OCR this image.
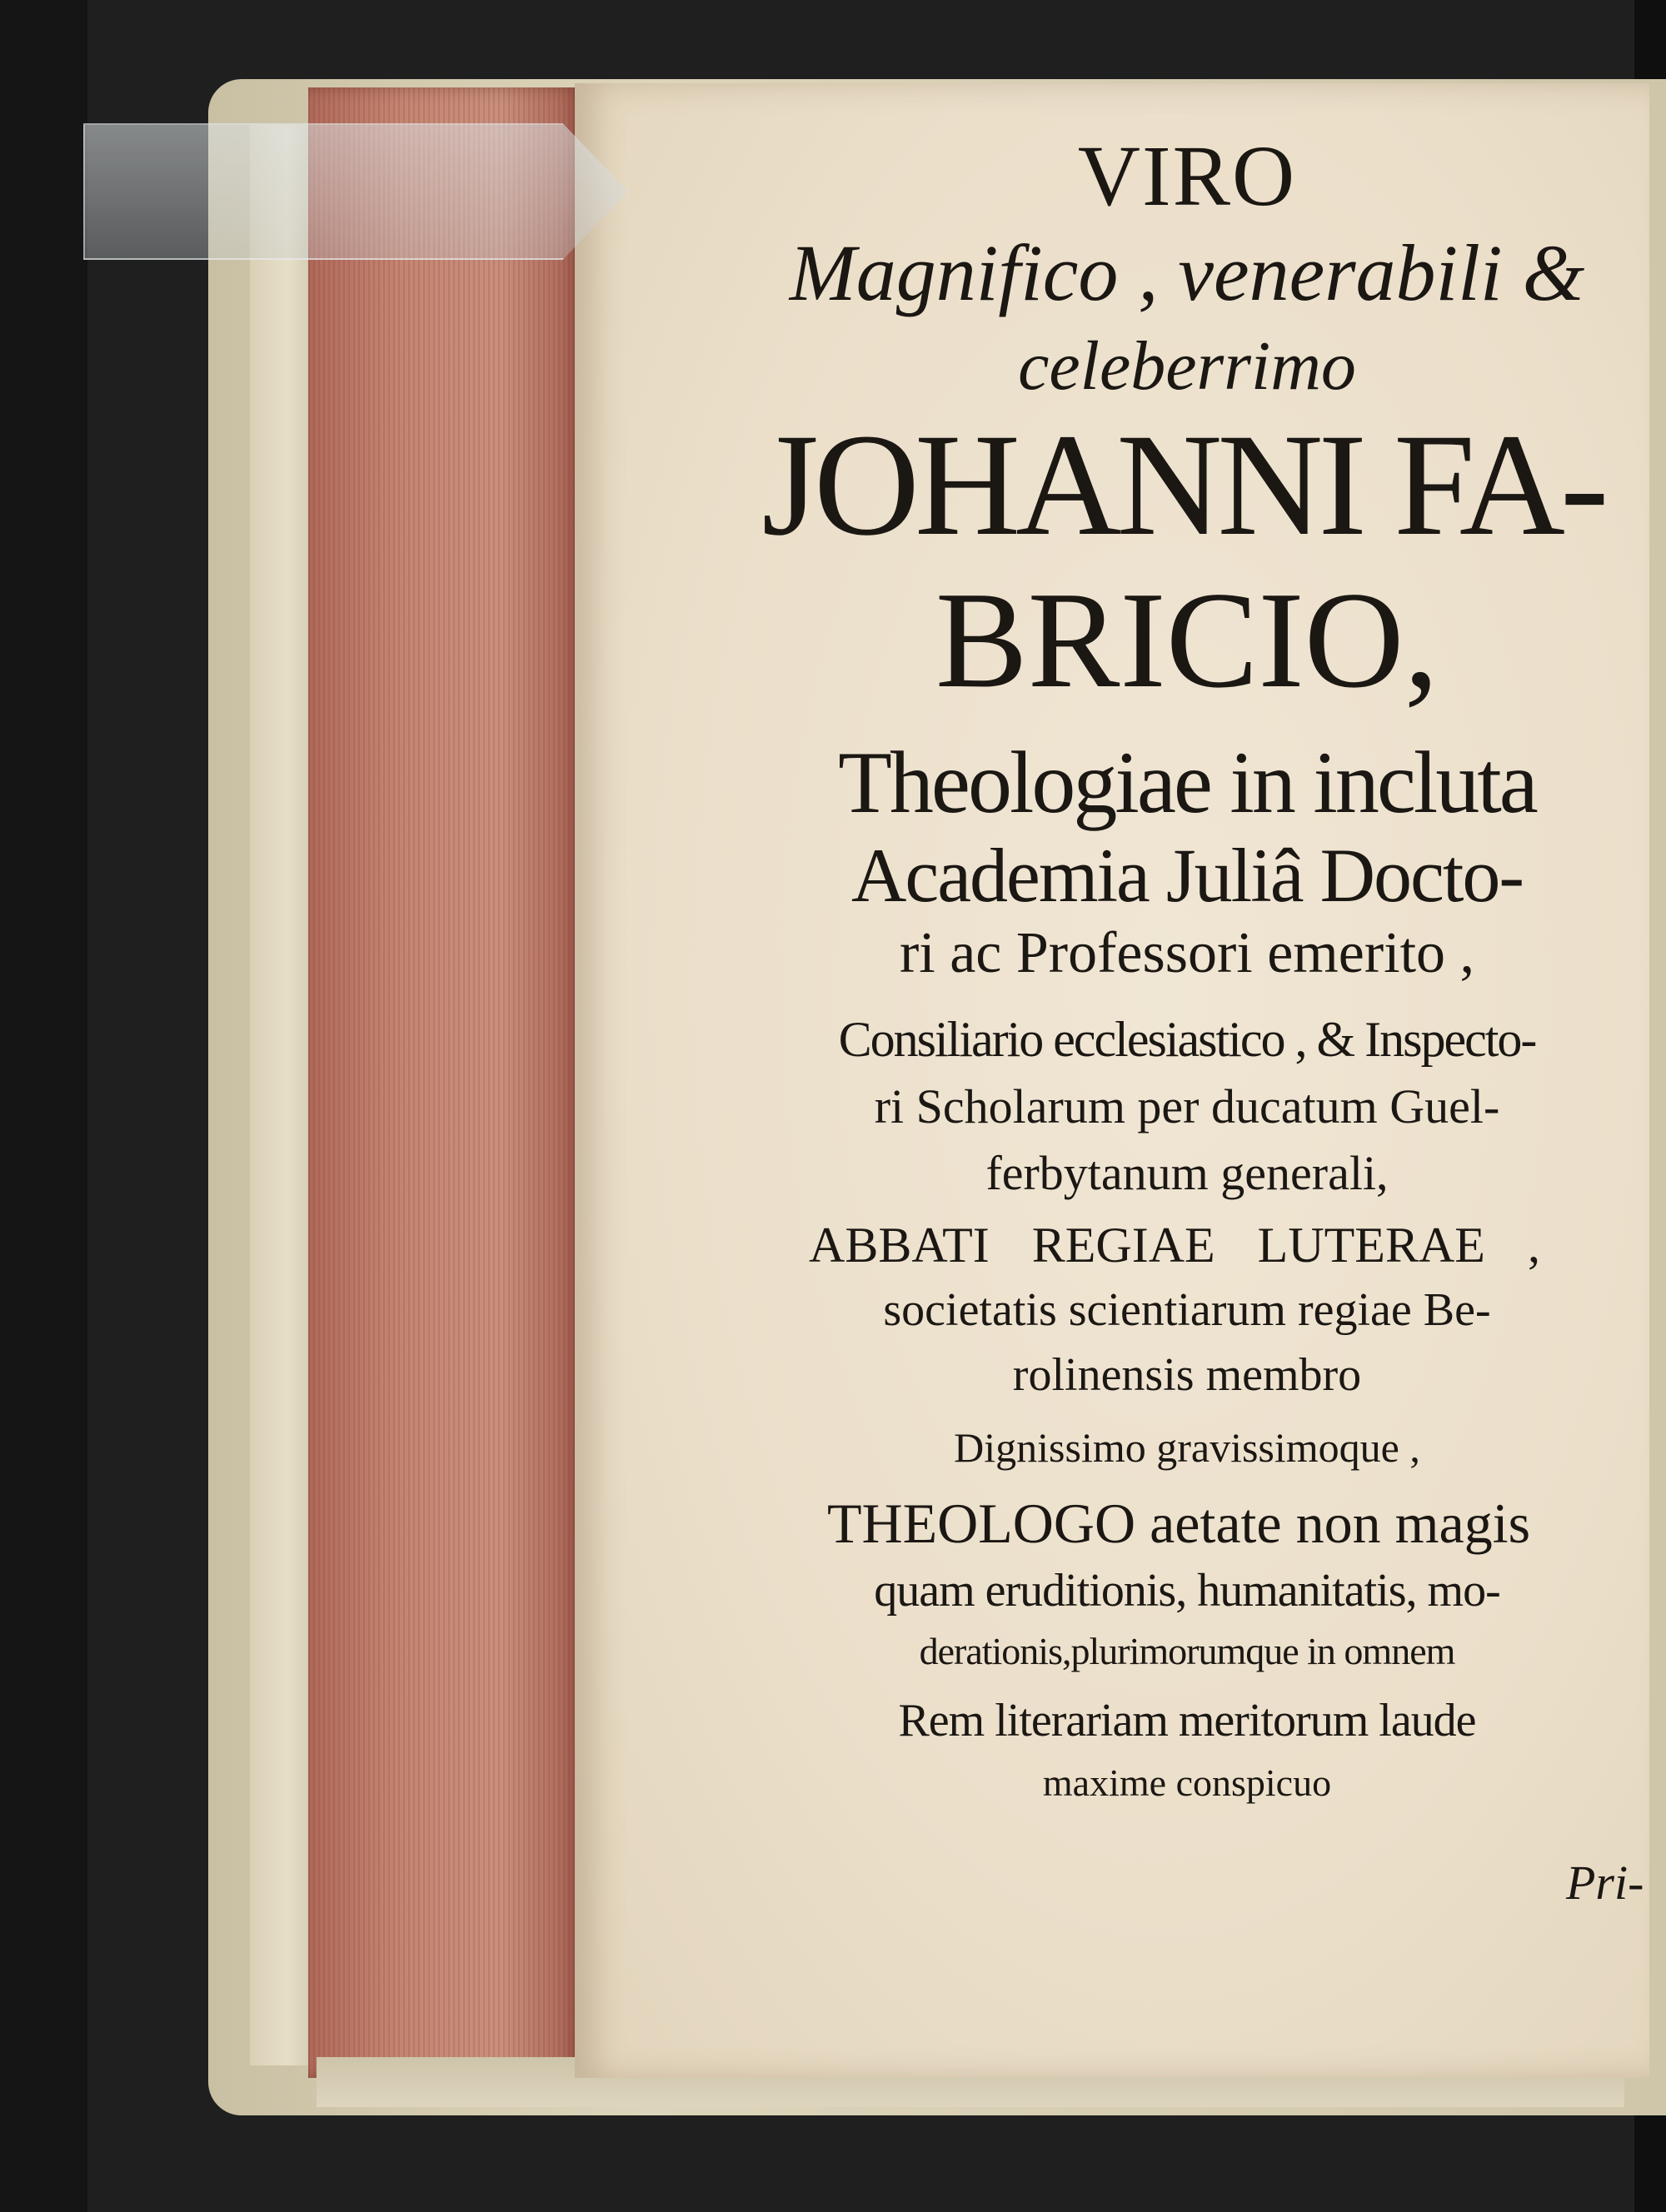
VIRO

Magnifico , venerabili &

celeberrimo

JOHANNI FA-

BRICIO,

Theologiae in incluta

Academia Juliâ Docto-

ri ac Professori emerito ,

Consiliario ecclesiastico , & Inspecto-

ri Scholarum per ducatum Guel-

ferbytanum generali,

ABBATI REGIAE LUTERAE ,

societatis scientiarum regiae Be-

rolinensis membro

Dignissimo gravissimoque ,

THEOLOGO aetate non magis

quam eruditionis, humanitatis, mo-

derationis,plurimorumque in omnem

Rem literariam meritorum laude

maxime conspicuo

Pri-
